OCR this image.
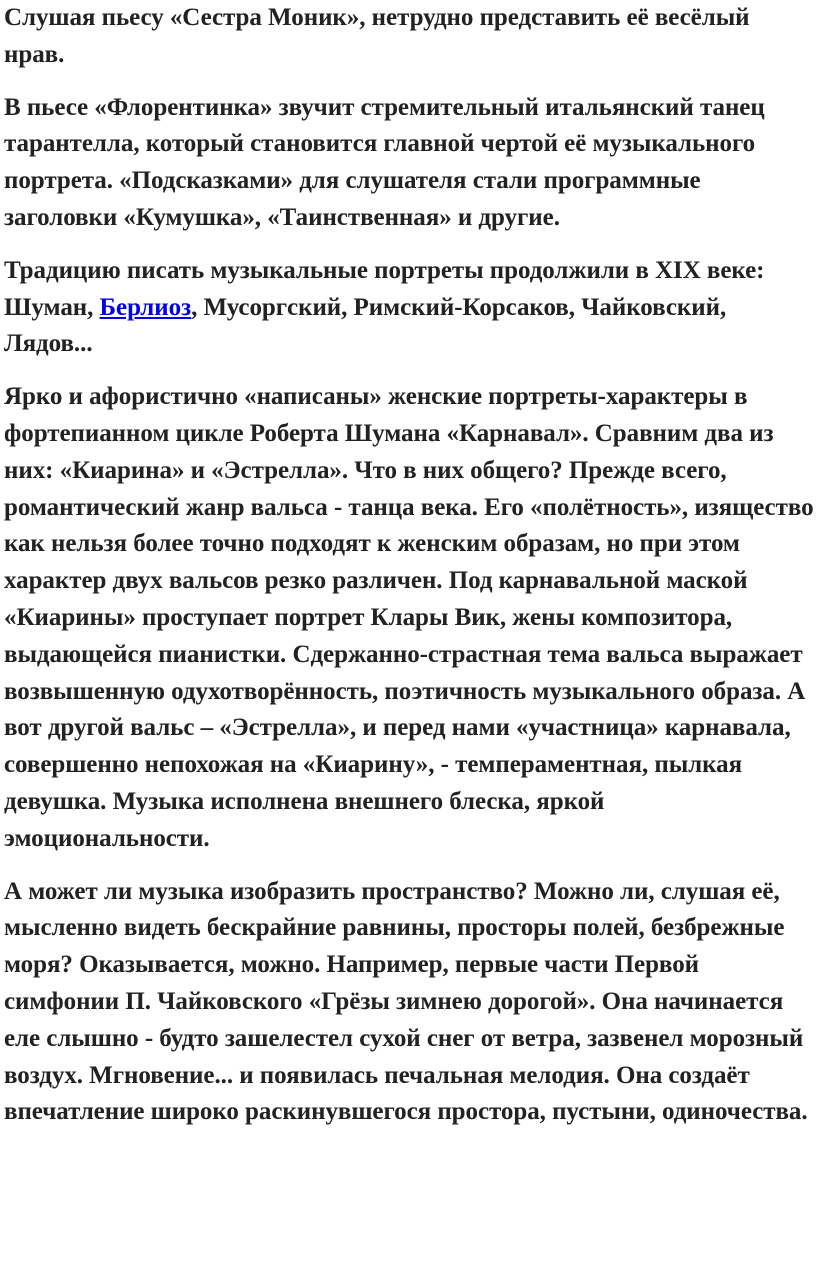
Слушая пьесу «Сестра Моник», нетрудно представить её весёлый нрав.

В пьесе «Флорентинка» звучит стремительный итальянский танец тарантелла, который становится главной чертой её музыкального портрета. «Подсказками» для слушателя стали программные заголовки «Кумушка», «Таинственная» и другие.

Традицию писать музыкальные портреты продолжили в XIX веке: Шуман, Берлиоз, Мусоргский, Римский-Корсаков, Чайковский, Лядов...

Ярко и афористично «написаны» женские портреты-характеры в фортепианном цикле Роберта Шумана «Карнавал». Сравним два из них: «Киарина» и «Эстрелла». Что в них общего? Прежде всего, романтический жанр вальса - танца века. Его «полётность», изящество как нельзя более точно подходят к женским образам, но при этом характер двух вальсов резко различен. Под карнавальной маской «Киарины» проступает портрет Клары Вик, жены композитора, выдающейся пианистки. Сдержанно-страстная тема вальса выражает возвышенную одухотворённость, поэтичность музыкального образа. А вот другой вальс – «Эстрелла», и перед нами «участница» карнавала, совершенно непохожая на «Киарину», - темпераментная, пылкая девушка. Музыка исполнена внешнего блеска, яркой эмоциональности.

А может ли музыка изобразить пространство? Можно ли, слушая её, мысленно видеть бескрайние равнины, просторы полей, безбрежные моря? Оказывается, можно. Например, первые части Первой симфонии П. Чайковского «Грёзы зимнею дорогой». Она начинается еле слышно - будто зашелестел сухой снег от ветра, зазвенел морозный воздух. Мгновение... и появилась печальная мелодия. Она создаёт впечатление широко раскинувшегося простора, пустыни, одиночества.
